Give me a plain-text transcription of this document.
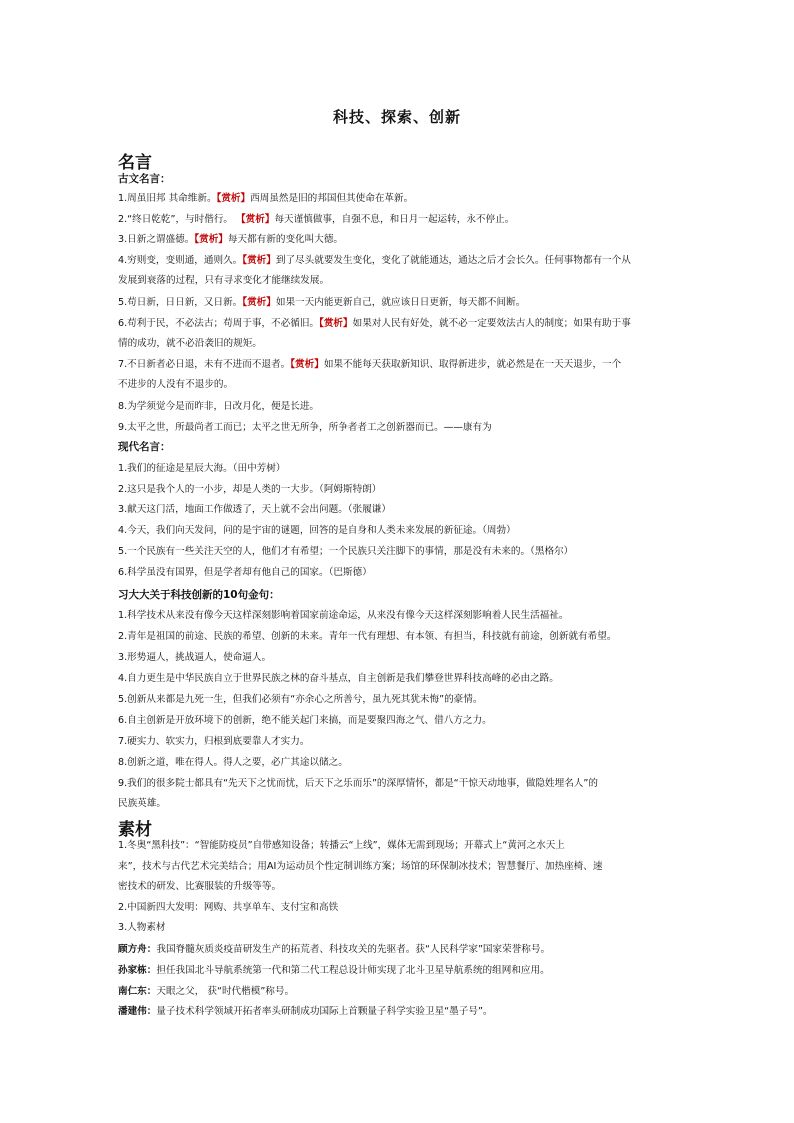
科技、探索、创新
名言
古文名言：
1.周虽旧邦 其命维新。【赏析】西周虽然是旧的邦国但其使命在革新。
2.“终日乾乾”，与时偕行。 【赏析】每天谨慎做事，自强不息，和日月一起运转，永不停止。
3.日新之谓盛德。【赏析】每天都有新的变化叫大德。
4.穷则变，变则通，通则久。【赏析】到了尽头就要发生变化，变化了就能通达，通达之后才会长久。任何事物都有一个从
发展到衰落的过程，只有寻求变化才能继续发展。
5.苟日新，日日新，又日新。【赏析】如果一天内能更新自己，就应该日日更新，每天都不间断。
6.苟利于民，不必法古；苟周于事，不必循旧。【赏析】如果对人民有好处，就不必一定要效法古人的制度；如果有助于事
情的成功，就不必沿袭旧的规矩。
7.不日新者必日退，未有不进而不退者。【赏析】如果不能每天获取新知识、取得新进步，就必然是在一天天退步，一个
不进步的人没有不退步的。
8.为学须觉今是而昨非，日改月化，便是长进。
9.太平之世，所最尚者工而已；太平之世无所争，所争者者工之创新器而已。——康有为
现代名言：
1.我们的征途是星辰大海。（田中芳树）
2.这只是我个人的一小步，却是人类的一大步。（阿姆斯特朗）
3.献天这门活，地面工作做透了，天上就不会出问题。（张履谦）
4.今天，我们向天发问，问的是宇宙的谜题，回答的是自身和人类未来发展的新征途。（周勃）
5.一个民族有一些关注天空的人，他们才有希望；一个民族只关注脚下的事情，那是没有未来的。（黑格尔）
6.科学虽没有国界，但是学者却有他自己的国家。（巴斯德）
习大大关于科技创新的10句金句：
1.科学技术从来没有像今天这样深刻影响着国家前途命运，从来没有像今天这样深刻影响着人民生活福祉。
2.青年是祖国的前途、民族的希望、创新的未来。青年一代有理想、有本领、有担当，科技就有前途，创新就有希望。
3.形势逼人，挑战逼人，使命逼人。
4.自力更生是中华民族自立于世界民族之林的奋斗基点，自主创新是我们攀登世界科技高峰的必由之路。
5.创新从来都是九死一生，但我们必须有“亦余心之所善兮，虽九死其犹未悔”的豪情。
6.自主创新是开放环境下的创新，绝不能关起门来搞，而是要聚四海之气、借八方之力。
7.硬实力、软实力，归根到底要靠人才实力。
8.创新之道，唯在得人。得人之要，必广其途以储之。
9.我们的很多院士都具有“先天下之忧而忧，后天下之乐而乐”的深厚情怀，都是“干惊天动地事，做隐姓埋名人”的
民族英雄。
素材
1.冬奥“黑科技”：“智能防疫员”自带感知设备；转播云“上线”，媒体无需到现场；开幕式上“黄河之水天上
来”，技术与古代艺术完美结合；用AI为运动员个性定制训练方案；场馆的环保制冰技术；智慧餐厅、加热座椅、速
密技术的研发、比赛服装的升级等等。
2.中国新四大发明：网购、共享单车、支付宝和高铁
3.人物素材
顾方舟：我国脊髓灰质炎疫苗研发生产的拓荒者、科技攻关的先驱者。获“人民科学家”国家荣誉称号。
孙家栋：担任我国北斗导航系统第一代和第二代工程总设计师实现了北斗卫星导航系统的组网和应用。
南仁东：天眼之父， 获“时代楷模”称号。
潘建伟：量子技术科学领域开拓者率头研制成功国际上首颗量子科学实验卫星“墨子号”。
